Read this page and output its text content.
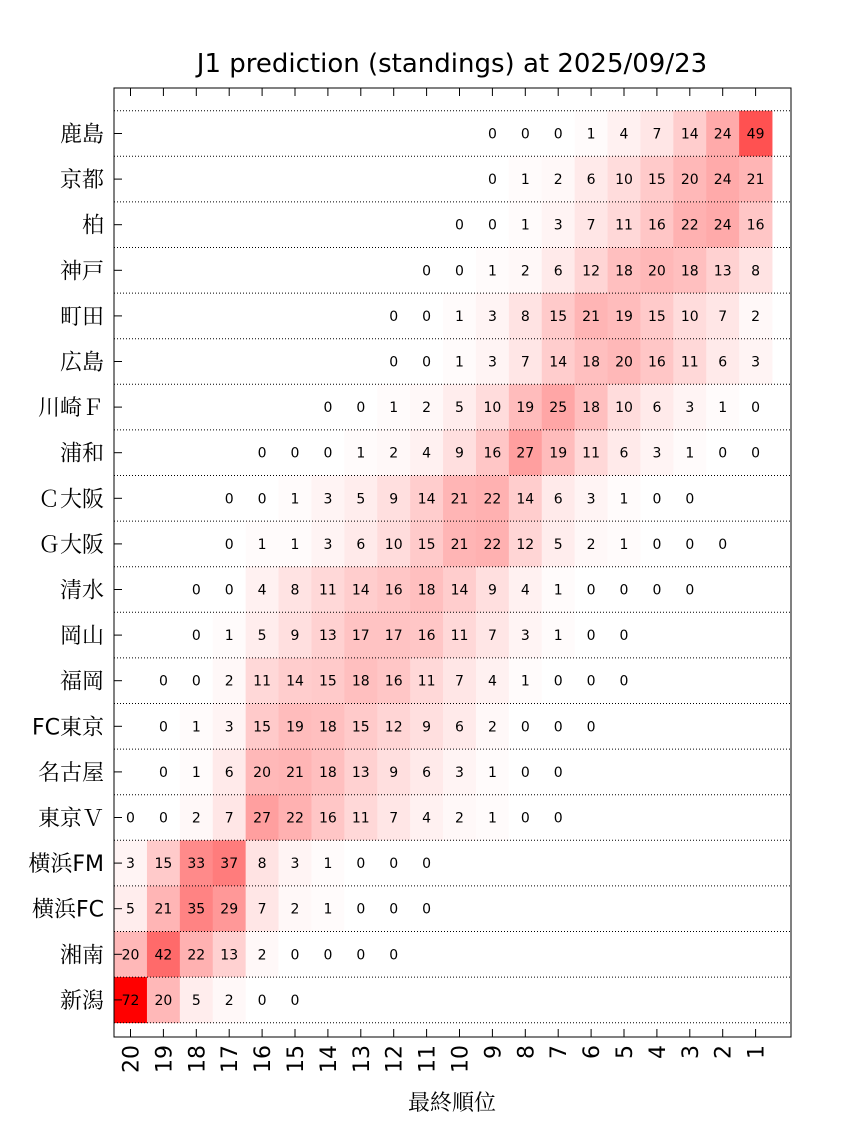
J1 prediction (standings) at 2025/09/23
0 0 0 1 4 7 14 24 49
0 1 2 6 10 15 20 24 21
0 0 1 3 7 11 16 22 24 16
0 0 1 2 6 12 18 20 18 13 8
0 0 1 3 8 15 21 19 15 10 7 2
0 0 1 3 7 14 18 20 16 11 6 3
0 0 1 2 5 10 19 25 18 10 6 3 1 0
0 0 0 1 2 4 9 16 27 19 11 6 3 1 0 0
0 0 1 3 5 9 14 21 22 14 6 3 1 0 0
0 1 1 3 6 10 15 21 22 12 5 2 1 0 0 0
0 0 4 8 11 14 16 18 14 9 4 1 0 0 0 0
0 1 5 9 13 17 17 16 11 7 3 1 0 0
0 0 2 11 14 15 18 16 11 7 4 1 0 0 0
0 1 3 15 19 18 15 12 9 6 2 0 0 0
0 1 6 20 21 18 13 9 6 3 1 0 0
0 0 2 7 27 22 16 11 7 4 2 1 0 0
3 15 33 37 8 3 1 0 0 0
5 21 35 29 7 2 1 0 0 0
20 42 22 13 2 0 0 0 0
72 20 5 2 0 0
鹿島
京都
柏
神戸
町田
広島
川崎Ｆ
浦和
Ｃ大阪
Ｇ大阪
清水
岡山
福岡
FC東京
名古屋
東京Ｖ
横浜FM
横浜FC
湘南
新潟
20 19 18 17 16 15 14 13 12 11 10 9 8 7 6 5 4 3 2 1
最終順位
